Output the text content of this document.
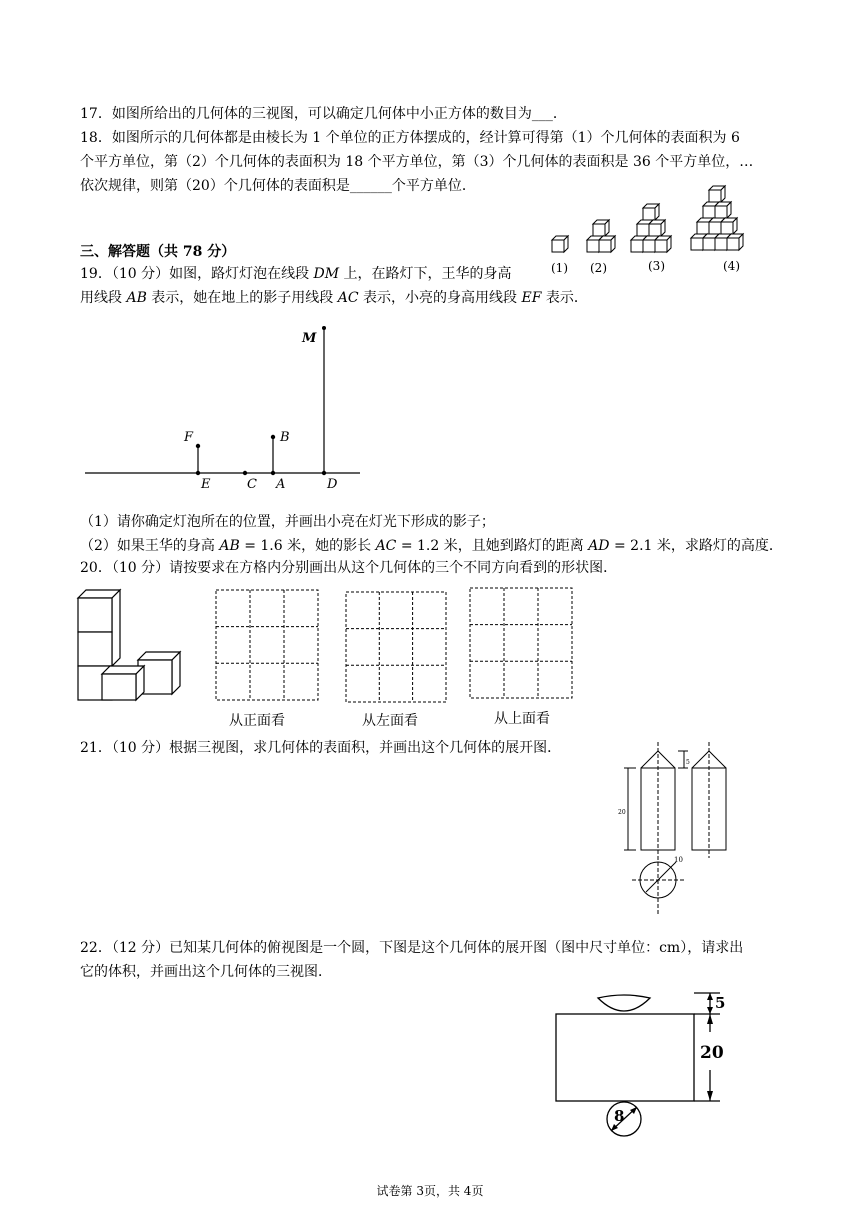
17．如图所给出的几何体的三视图，可以确定几何体中小正方体的数目为___．
18．如图所示的几何体都是由棱长为 1 个单位的正方体摆成的，经计算可得第（1）个几何体的表面积为 6
个平方单位，第（2）个几何体的表面积为 18 个平方单位，第（3）个几何体的表面积是 36 个平方单位，…
依次规律，则第（20）个几何体的表面积是______个平方单位．
(1) (2)	(3)	(4)
三、解答题（共 78 分）
19．（10 分）如图，路灯灯泡在线段 DM 上，在路灯下，王华的身高
用线段 AB 表示，她在地上的影子用线段 AC 表示，小亮的身高用线段 EF 表示．
M
F	B
E	C A	D
（1）请你确定灯泡所在的位置，并画出小亮在灯光下形成的影子；
（2）如果王华的身高 AB = 1.6 米，她的影长 AC = 1.2 米，且她到路灯的距离 AD = 2.1 米，求路灯的高度．
20．（10 分）请按要求在方格内分别画出从这个几何体的三个不同方向看到的形状图．
从正面看	从左面看	从上面看
21．（10 分）根据三视图，求几何体的表面积，并画出这个几何体的展开图．
5
20
10
22．（12 分）已知某几何体的俯视图是一个圆，下图是这个几何体的展开图（图中尺寸单位：cm），请求出
它的体积，并画出这个几何体的三视图．
5
20
8
试卷第 3页，共 4页
